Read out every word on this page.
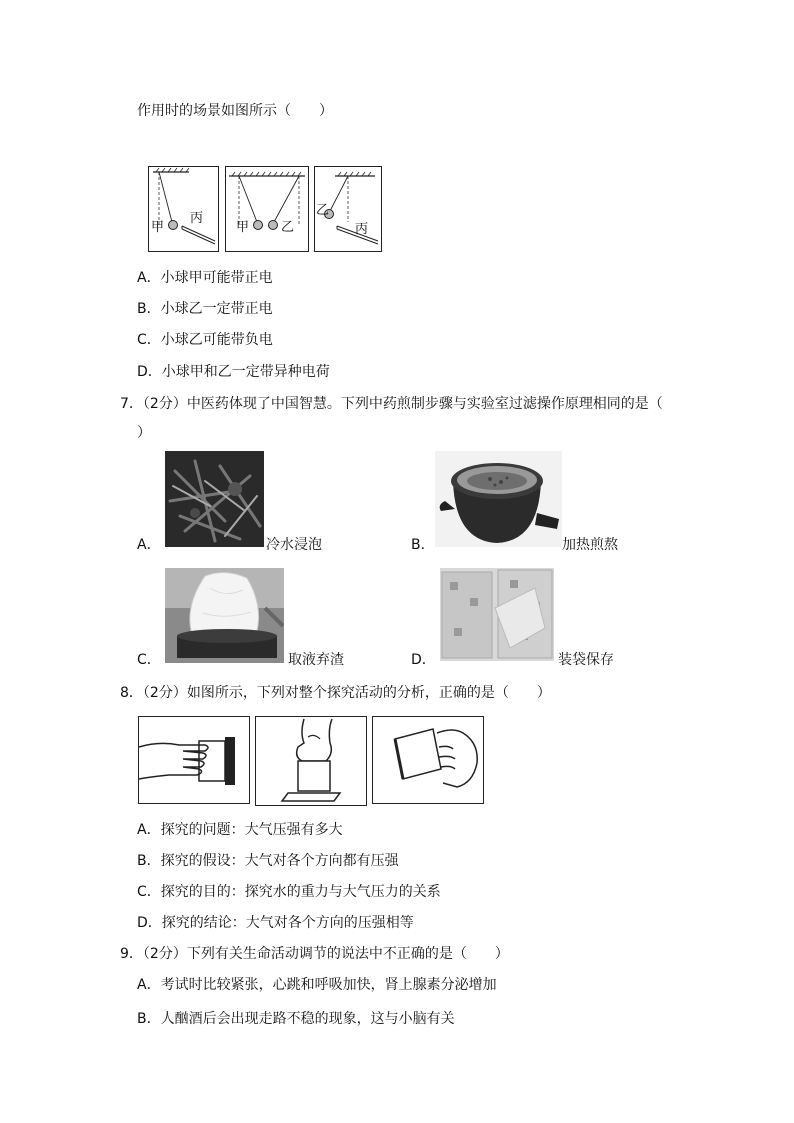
作用时的场景如图所示（　　）
甲
丙
甲 乙
乙
丙
A．小球甲可能带正电
B．小球乙一定带正电
C．小球乙可能带负电
D．小球甲和乙一定带异种电荷
7．（2分）中医药体现了中国智慧。下列中药煎制步骤与实验室过滤操作原理相同的是（
）
A．	冷水浸泡	B．	加热煎熬
C．	取液弃渣	D．	装袋保存
8．（2分）如图所示，下列对整个探究活动的分析，正确的是（　　）
A．探究的问题：大气压强有多大
B．探究的假设：大气对各个方向都有压强
C．探究的目的：探究水的重力与大气压力的关系
D．探究的结论：大气对各个方向的压强相等
9．（2分）下列有关生命活动调节的说法中不正确的是（　　）
A．考试时比较紧张，心跳和呼吸加快，肾上腺素分泌增加
B．人酗酒后会出现走路不稳的现象，这与小脑有关
